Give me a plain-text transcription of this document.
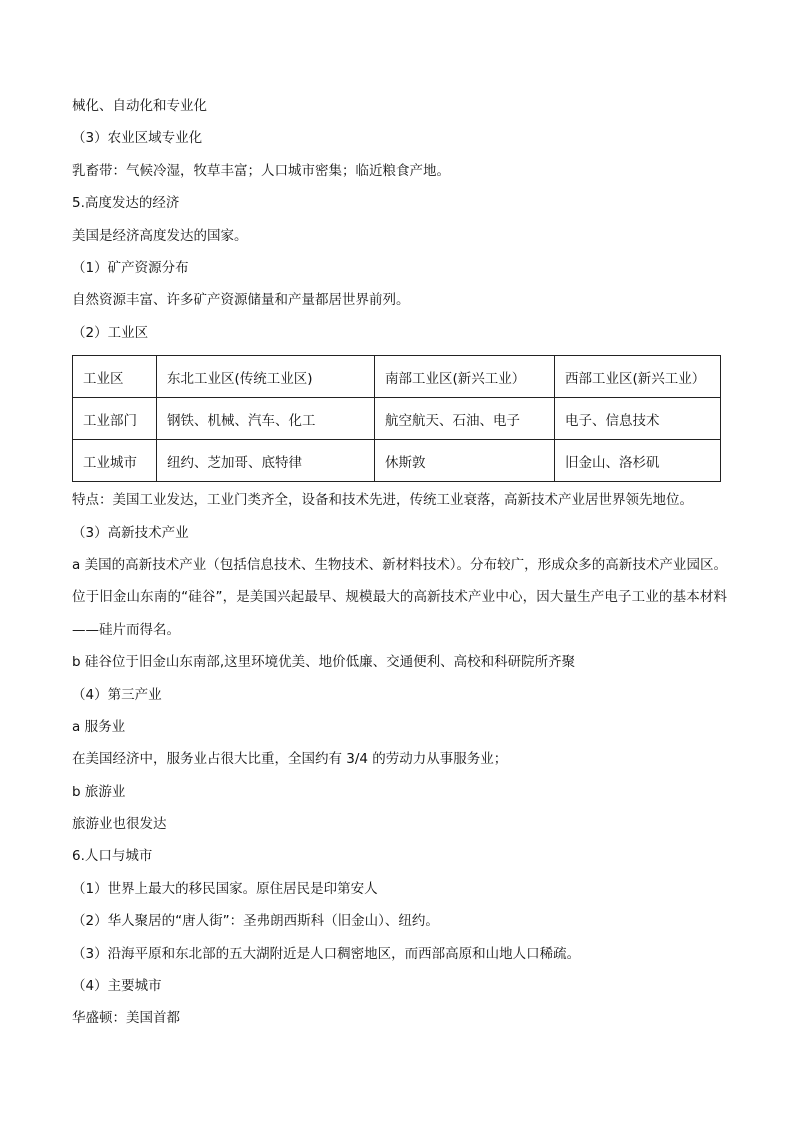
械化、自动化和专业化
（3）农业区域专业化
乳畜带：气候冷湿，牧草丰富；人口城市密集；临近粮食产地。
5.高度发达的经济
美国是经济高度发达的国家。
（1）矿产资源分布
自然资源丰富、许多矿产资源储量和产量都居世界前列。
（2）工业区
工业区	东北工业区(传统工业区)	南部工业区(新兴工业）	西部工业区(新兴工业）
工业部门	钢铁、机械、汽车、化工	航空航天、石油、电子	电子、信息技术
工业城市	纽约、芝加哥、底特律	休斯敦	旧金山、洛杉矶
特点：美国工业发达，工业门类齐全，设备和技术先进，传统工业衰落，高新技术产业居世界领先地位。
（3）高新技术产业
a 美国的高新技术产业（包括信息技术、生物技术、新材料技术）。分布较广，形成众多的高新技术产业园区。位于旧金山东南的“硅谷”，是美国兴起最早、规模最大的高新技术产业中心，因大量生产电子工业的基本材料——硅片而得名。
b 硅谷位于旧金山东南部,这里环境优美、地价低廉、交通便利、高校和科研院所齐聚
（4）第三产业
a 服务业
在美国经济中，服务业占很大比重，全国约有 3/4 的劳动力从事服务业；
b 旅游业
旅游业也很发达
6.人口与城市
（1）世界上最大的移民国家。原住居民是印第安人
（2）华人聚居的“唐人街”：圣弗朗西斯科（旧金山）、纽约。
（3）沿海平原和东北部的五大湖附近是人口稠密地区，而西部高原和山地人口稀疏。
（4）主要城市
华盛顿：美国首都
